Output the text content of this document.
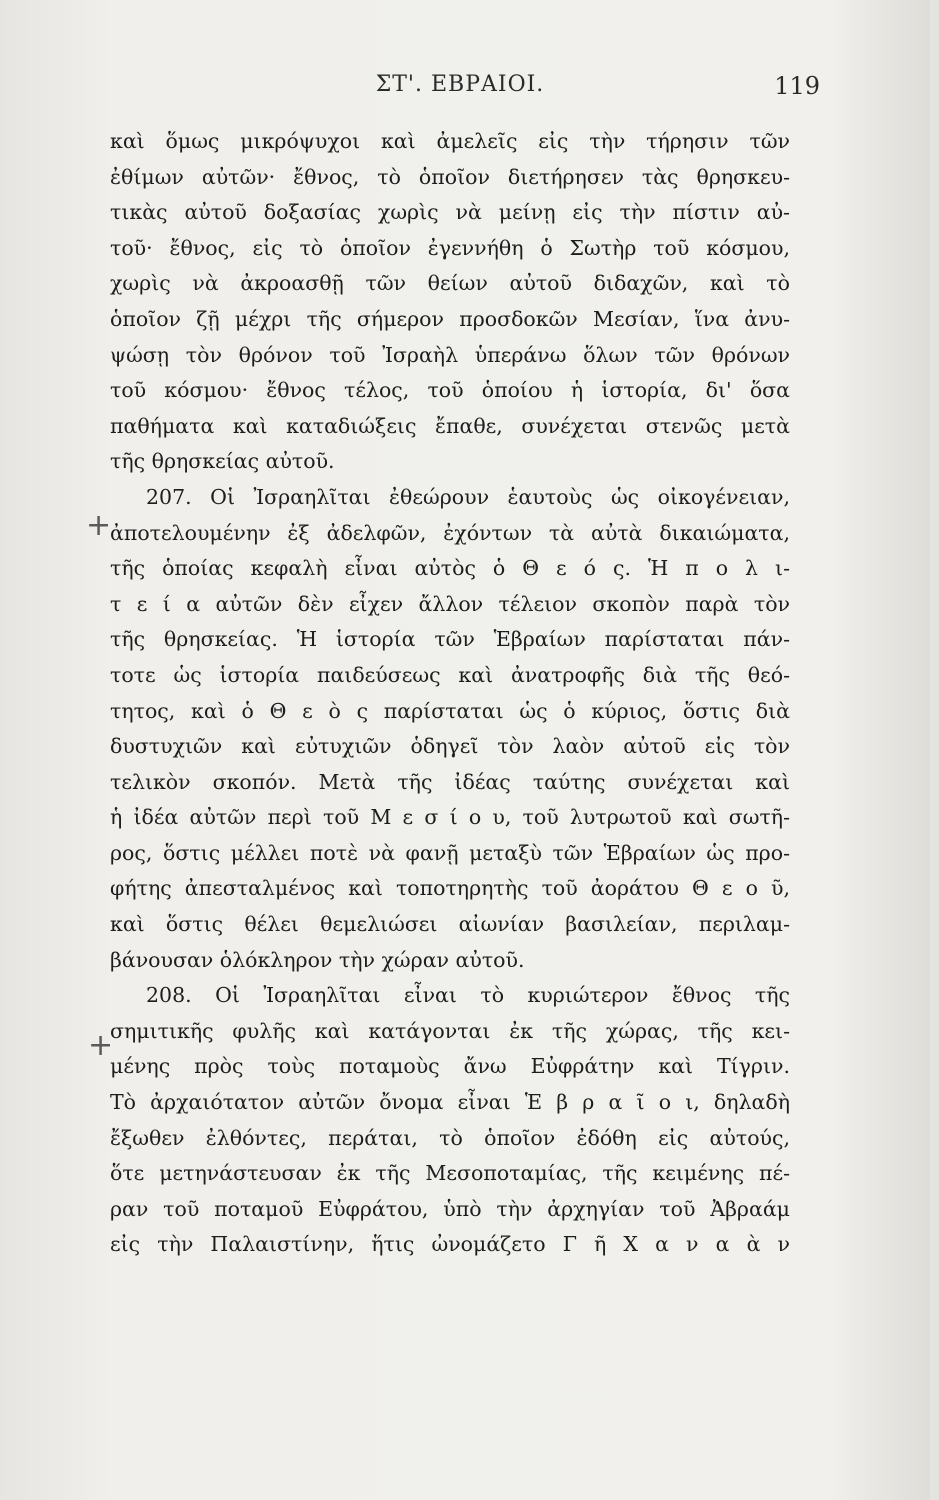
ΣΤ'. ΕΒΡΑΙΟΙ.	119
+
+
καὶ ὅμως μικρόψυχοι καὶ ἀμελεῖς εἰς τὴν τήρησιν τῶν
ἐθίμων αὐτῶν· ἔθνος, τὸ ὁποῖον διετήρησεν τὰς θρησκευ-
τικὰς αὐτοῦ δοξασίας χωρὶς νὰ μείνῃ εἰς τὴν πίστιν αὐ-
τοῦ· ἔθνος, εἰς τὸ ὁποῖον ἐγεννήθη ὁ Σωτὴρ τοῦ κόσμου,
χωρὶς νὰ ἀκροασθῇ τῶν θείων αὐτοῦ διδαχῶν, καὶ τὸ
ὁποῖον ζῇ μέχρι τῆς σήμερον προσδοκῶν Μεσίαν, ἵνα ἀνυ-
ψώσῃ τὸν θρόνον τοῦ Ἰσραὴλ ὑπεράνω ὅλων τῶν θρόνων
τοῦ κόσμου· ἔθνος τέλος, τοῦ ὁποίου ἡ ἱστορία, δι' ὅσα
παθήματα καὶ καταδιώξεις ἔπαθε, συνέχεται στενῶς μετὰ
τῆς θρησκείας αὐτοῦ.
207. Οἱ Ἰσραηλῖται ἐθεώρουν ἑαυτοὺς ὡς οἰκογένειαν,
ἀποτελουμένην ἐξ ἀδελφῶν, ἐχόντων τὰ αὐτὰ δικαιώματα,
τῆς ὁποίας κεφαλὴ εἶναι αὐτὸς ὁ Θ ε ό ς. Ἡ π ο λ ι-
τ ε ί α αὐτῶν δὲν εἶχεν ἄλλον τέλειον σκοπὸν παρὰ τὸν
τῆς θρησκείας. Ἡ ἱστορία τῶν Ἑβραίων παρίσταται πάν-
τοτε ὡς ἱστορία παιδεύσεως καὶ ἀνατροφῆς διὰ τῆς θεό-
τητος, καὶ ὁ Θ ε ὸ ς παρίσταται ὡς ὁ κύριος, ὅστις διὰ
δυστυχιῶν καὶ εὐτυχιῶν ὁδηγεῖ τὸν λαὸν αὐτοῦ εἰς τὸν
τελικὸν σκοπόν. Μετὰ τῆς ἰδέας ταύτης συνέχεται καὶ
ἡ ἰδέα αὐτῶν περὶ τοῦ Μ ε σ ί ο υ, τοῦ λυτρωτοῦ καὶ σωτῆ-
ρος, ὅστις μέλλει ποτὲ νὰ φανῇ μεταξὺ τῶν Ἑβραίων ὡς προ-
φήτης ἀπεσταλμένος καὶ τοποτηρητὴς τοῦ ἀοράτου Θ ε ο ῦ,
καὶ ὅστις θέλει θεμελιώσει αἰωνίαν βασιλείαν, περιλαμ-
βάνουσαν ὁλόκληρον τὴν χώραν αὐτοῦ.
208. Οἱ Ἰσραηλῖται εἶναι τὸ κυριώτερον ἔθνος τῆς
σημιτικῆς φυλῆς καὶ κατάγονται ἐκ τῆς χώρας, τῆς κει-
μένης πρὸς τοὺς ποταμοὺς ἄνω Εὐφράτην καὶ Τίγριν.
Τὸ ἀρχαιότατον αὐτῶν ὄνομα εἶναι Ἑ β ρ α ῖ ο ι, δηλαδὴ
ἔξωθεν ἐλθόντες, περάται, τὸ ὁποῖον ἐδόθη εἰς αὐτούς,
ὅτε μετηνάστευσαν ἐκ τῆς Μεσοποταμίας, τῆς κειμένης πέ-
ραν τοῦ ποταμοῦ Εὐφράτου, ὑπὸ τὴν ἀρχηγίαν τοῦ Ἀβραάμ
εἰς τὴν Παλαιστίνην, ἥτις ὠνομάζετο Γ ῆ Χ α ν α ὰ ν
